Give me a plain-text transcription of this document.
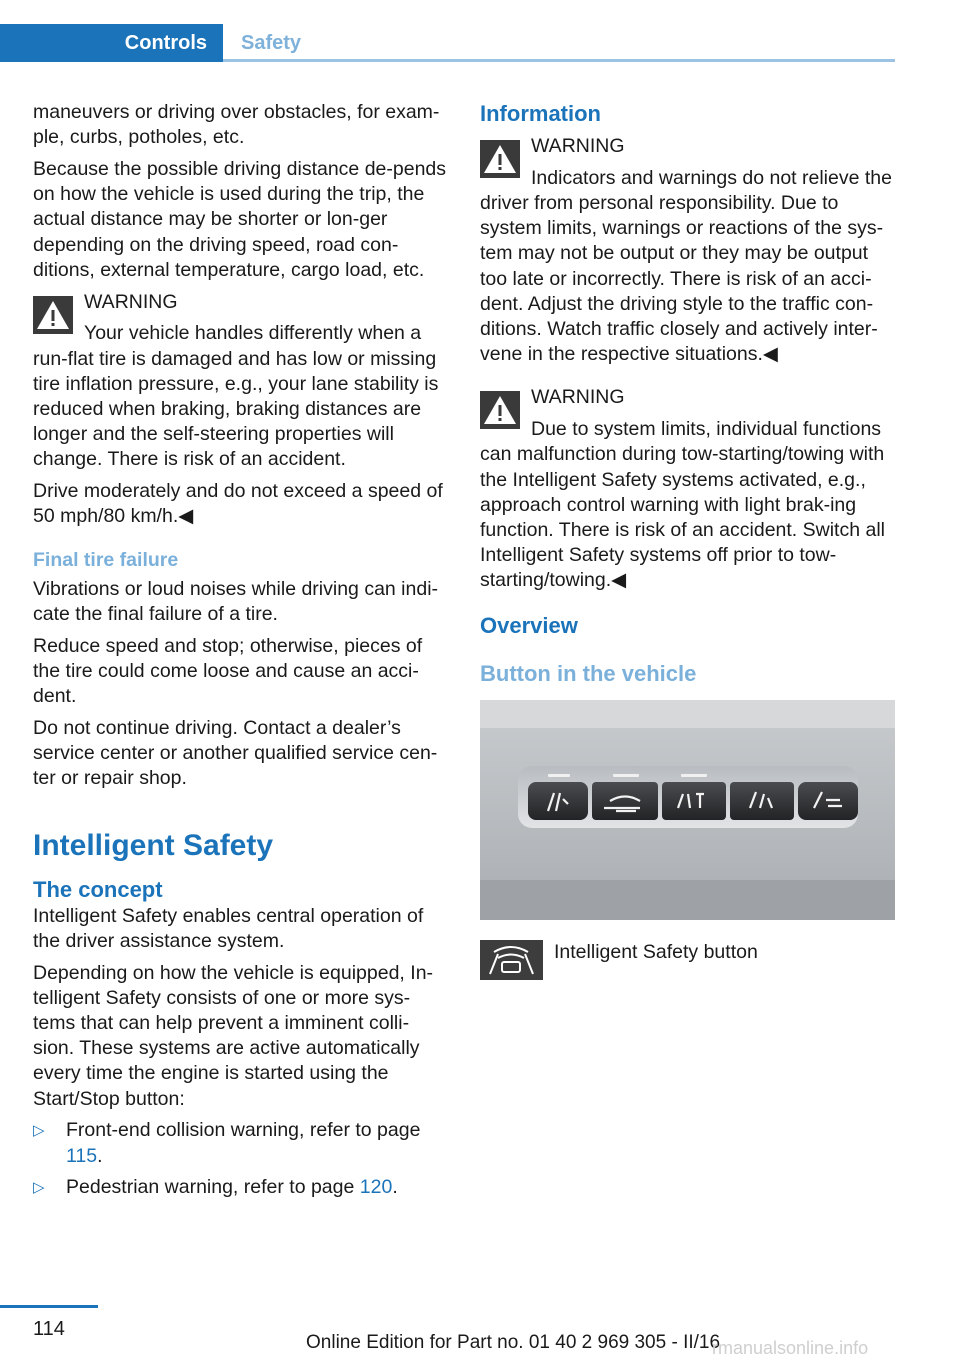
Controls	Safety

maneuvers or driving over obstacles, for exam-ple, curbs, potholes, etc.

Because the possible driving distance de-pends on how the vehicle is used during the trip, the actual distance may be shorter or lon-ger depending on the driving speed, road con-ditions, external temperature, cargo load, etc.

WARNING

Your vehicle handles differently when a run-flat tire is damaged and has low or missing tire inflation pressure, e.g., your lane stability is reduced when braking, braking distances are longer and the self-steering properties will change. There is risk of an accident.

Drive moderately and do not exceed a speed of 50 mph/80 km/h.◀

Final tire failure

Vibrations or loud noises while driving can indi-cate the final failure of a tire.

Reduce speed and stop; otherwise, pieces of the tire could come loose and cause an acci-dent.

Do not continue driving. Contact a dealer’s service center or another qualified service cen-ter or repair shop.

Intelligent Safety
The concept

Intelligent Safety enables central operation of the driver assistance system.

Depending on how the vehicle is equipped, In-telligent Safety consists of one or more sys-tems that can help prevent a imminent colli-sion. These systems are active automatically every time the engine is started using the Start/Stop button:

▷ Front-end collision warning, refer to page 115.
▷ Pedestrian warning, refer to page 120.
Information

WARNING

Indicators and warnings do not relieve the driver from personal responsibility. Due to system limits, warnings or reactions of the sys-tem may not be output or they may be output too late or incorrectly. There is risk of an acci-dent. Adjust the driving style to the traffic con-ditions. Watch traffic closely and actively inter-vene in the respective situations.◀

WARNING

Due to system limits, individual functions can malfunction during tow-starting/towing with the Intelligent Safety systems activated, e.g., approach control warning with light brak-ing function. There is risk of an accident. Switch all Intelligent Safety systems off prior to tow-starting/towing.◀

Overview
Button in the vehicle
Intelligent Safety button
114
Online Edition for Part no. 01 40 2 969 305 - II/16
rmanualsonline.info
